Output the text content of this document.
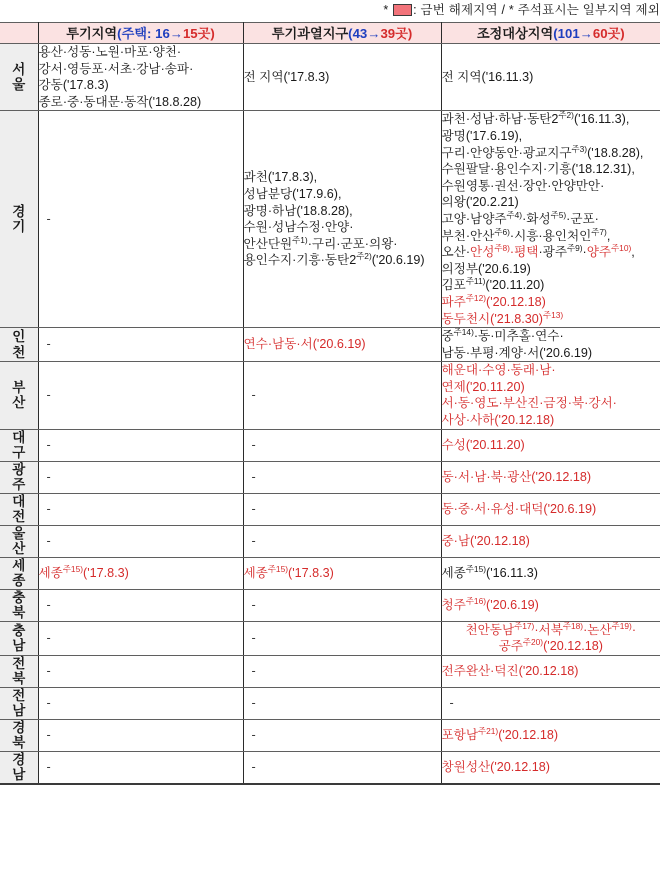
* : 금번 해제지역 / * 주석표시는 일부지역 제외
	투기지역(주택: 16→15곳)	투기과열지구(43→39곳)	조정대상지역(101→60곳)

서
울	용산·성동·노원·마포·양천·
강서·영등포·서초·강남·송파·
강동('17.8.3)
종로·중·동대문·동작('18.8.28)	전 지역('17.8.3)	전 지역('16.11.3)

경
기
	-	과천('17.8.3),
성남분당('17.9.6),
광명·하남('18.8.28),
수원·성남수정·안양·
안산단원$^{주1)}$·구리·군포·의왕·
용인수지·기흥·동탄$2^{주2)}('20.6.19)$	과천·성남·하남·동탄$2^{주2)}('16.11.3)$,
광명('17.6.19),
구리·안양동안·광교지구$^{주3)}$('18.8.28),
수원팔달·용인수지·기흥('18.12.31),
수원영통·권선·장안·안양만안·
의왕('20.2.21)
고양·남양주$^{주4)}$·화성$^{주5)}$·군포·
부천·안산$^{주6)}$·시흥·용인처인$^{주7)}$,
오산·안성$^{주8)}$·평택·광주$^{주9)}$·양주$^{주10)}$,
의정부('20.6.19)
김포$^{주11)}$('20.11.20)
파주$^{주12)}$('20.12.18)
동두천시$('21.8.30)^{주13)}$

인
천	-	연수·남동·서('20.6.19)	중$^{주14)}$·동·미추홀·연수·
남동·부평·계양·서('20.6.19)

부
산	-	-	해운대·수영·동래·남·
연제('20.11.20)
서·동·영도·부산진·금정·북·강서·
사상·사하('20.12.18)

대
구	-	-	수성('20.11.20)

광
주	-	-	동·서·남·북·광산('20.12.18)

대
전	-	-	동·중·서·유성·대덕('20.6.19)

울
산	-	-	중·남('20.12.18)

세
종	세종$^{주15)}$('17.8.3)	세종$^{주15)}$('17.8.3)	세종$^{주15)}$('16.11.3)

충
북	-	-	청주$^{주16)}$('20.6.19)

충
남	-	-	천안동남$^{주17)}$·서북$^{주18)}$·논산$^{주19)}$·
공주$^{주20)}$('20.12.18)

전
북	-	-	전주완산·덕진('20.12.18)

전
남	-	-	-

경
북	-	-	포항남$^{주21)}$('20.12.18)

경
남	-	-	창원성산('20.12.18)
